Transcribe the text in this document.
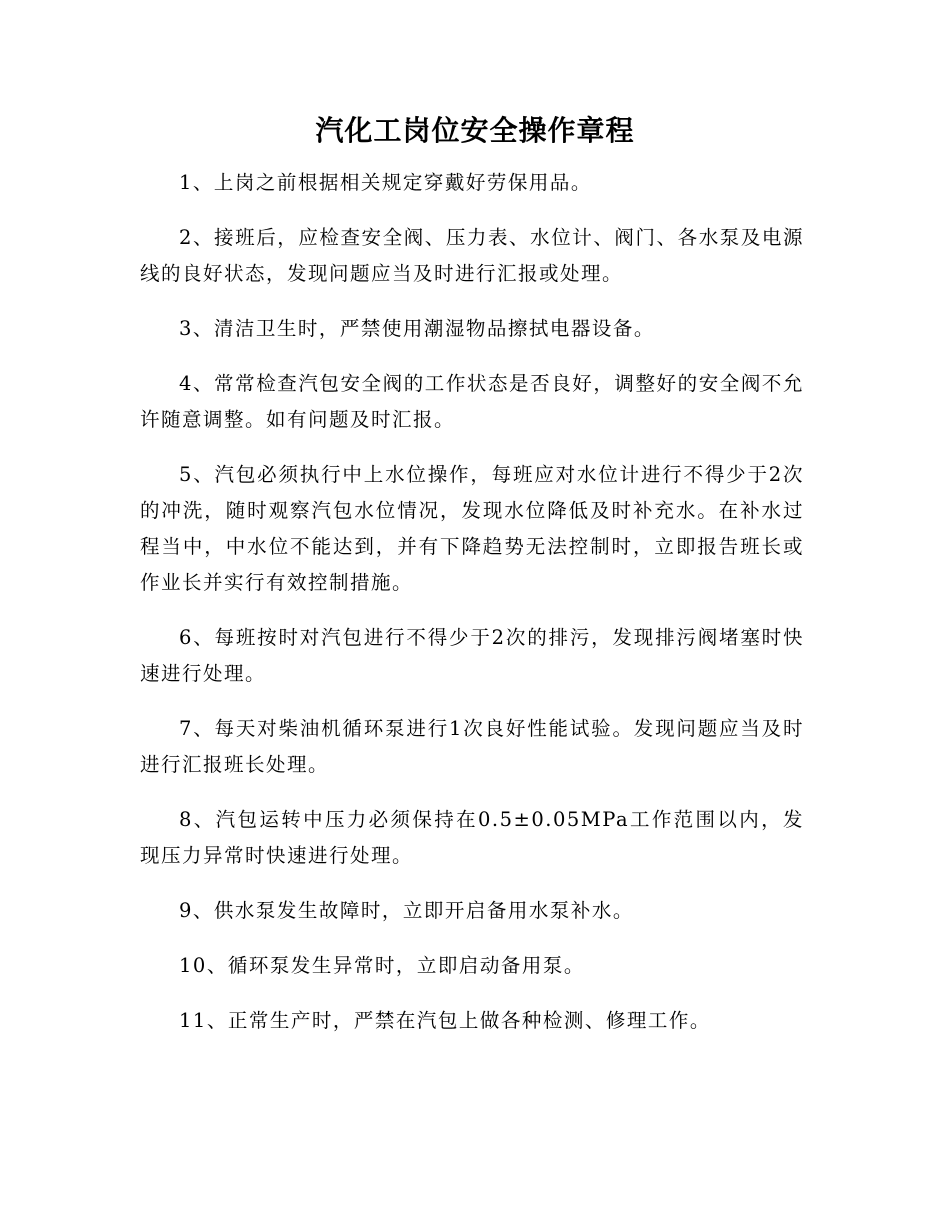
汽化工岗位安全操作章程

1、上岗之前根据相关规定穿戴好劳保用品。

2、接班后，应检查安全阀、压力表、水位计、阀门、各水泵及电源线的良好状态，发现问题应当及时进行汇报或处理。

3、清洁卫生时，严禁使用潮湿物品擦拭电器设备。

4、常常检查汽包安全阀的工作状态是否良好，调整好的安全阀不允许随意调整。如有问题及时汇报。

5、汽包必须执行中上水位操作，每班应对水位计进行不得少于2次的冲洗，随时观察汽包水位情况，发现水位降低及时补充水。在补水过程当中，中水位不能达到，并有下降趋势无法控制时，立即报告班长或作业长并实行有效控制措施。

6、每班按时对汽包进行不得少于2次的排污，发现排污阀堵塞时快速进行处理。

7、每天对柴油机循环泵进行1次良好性能试验。发现问题应当及时进行汇报班长处理。

8、汽包运转中压力必须保持在0.5±0.05MPa工作范围以内，发现压力异常时快速进行处理。

9、供水泵发生故障时，立即开启备用水泵补水。

10、循环泵发生异常时，立即启动备用泵。

11、正常生产时，严禁在汽包上做各种检测、修理工作。
